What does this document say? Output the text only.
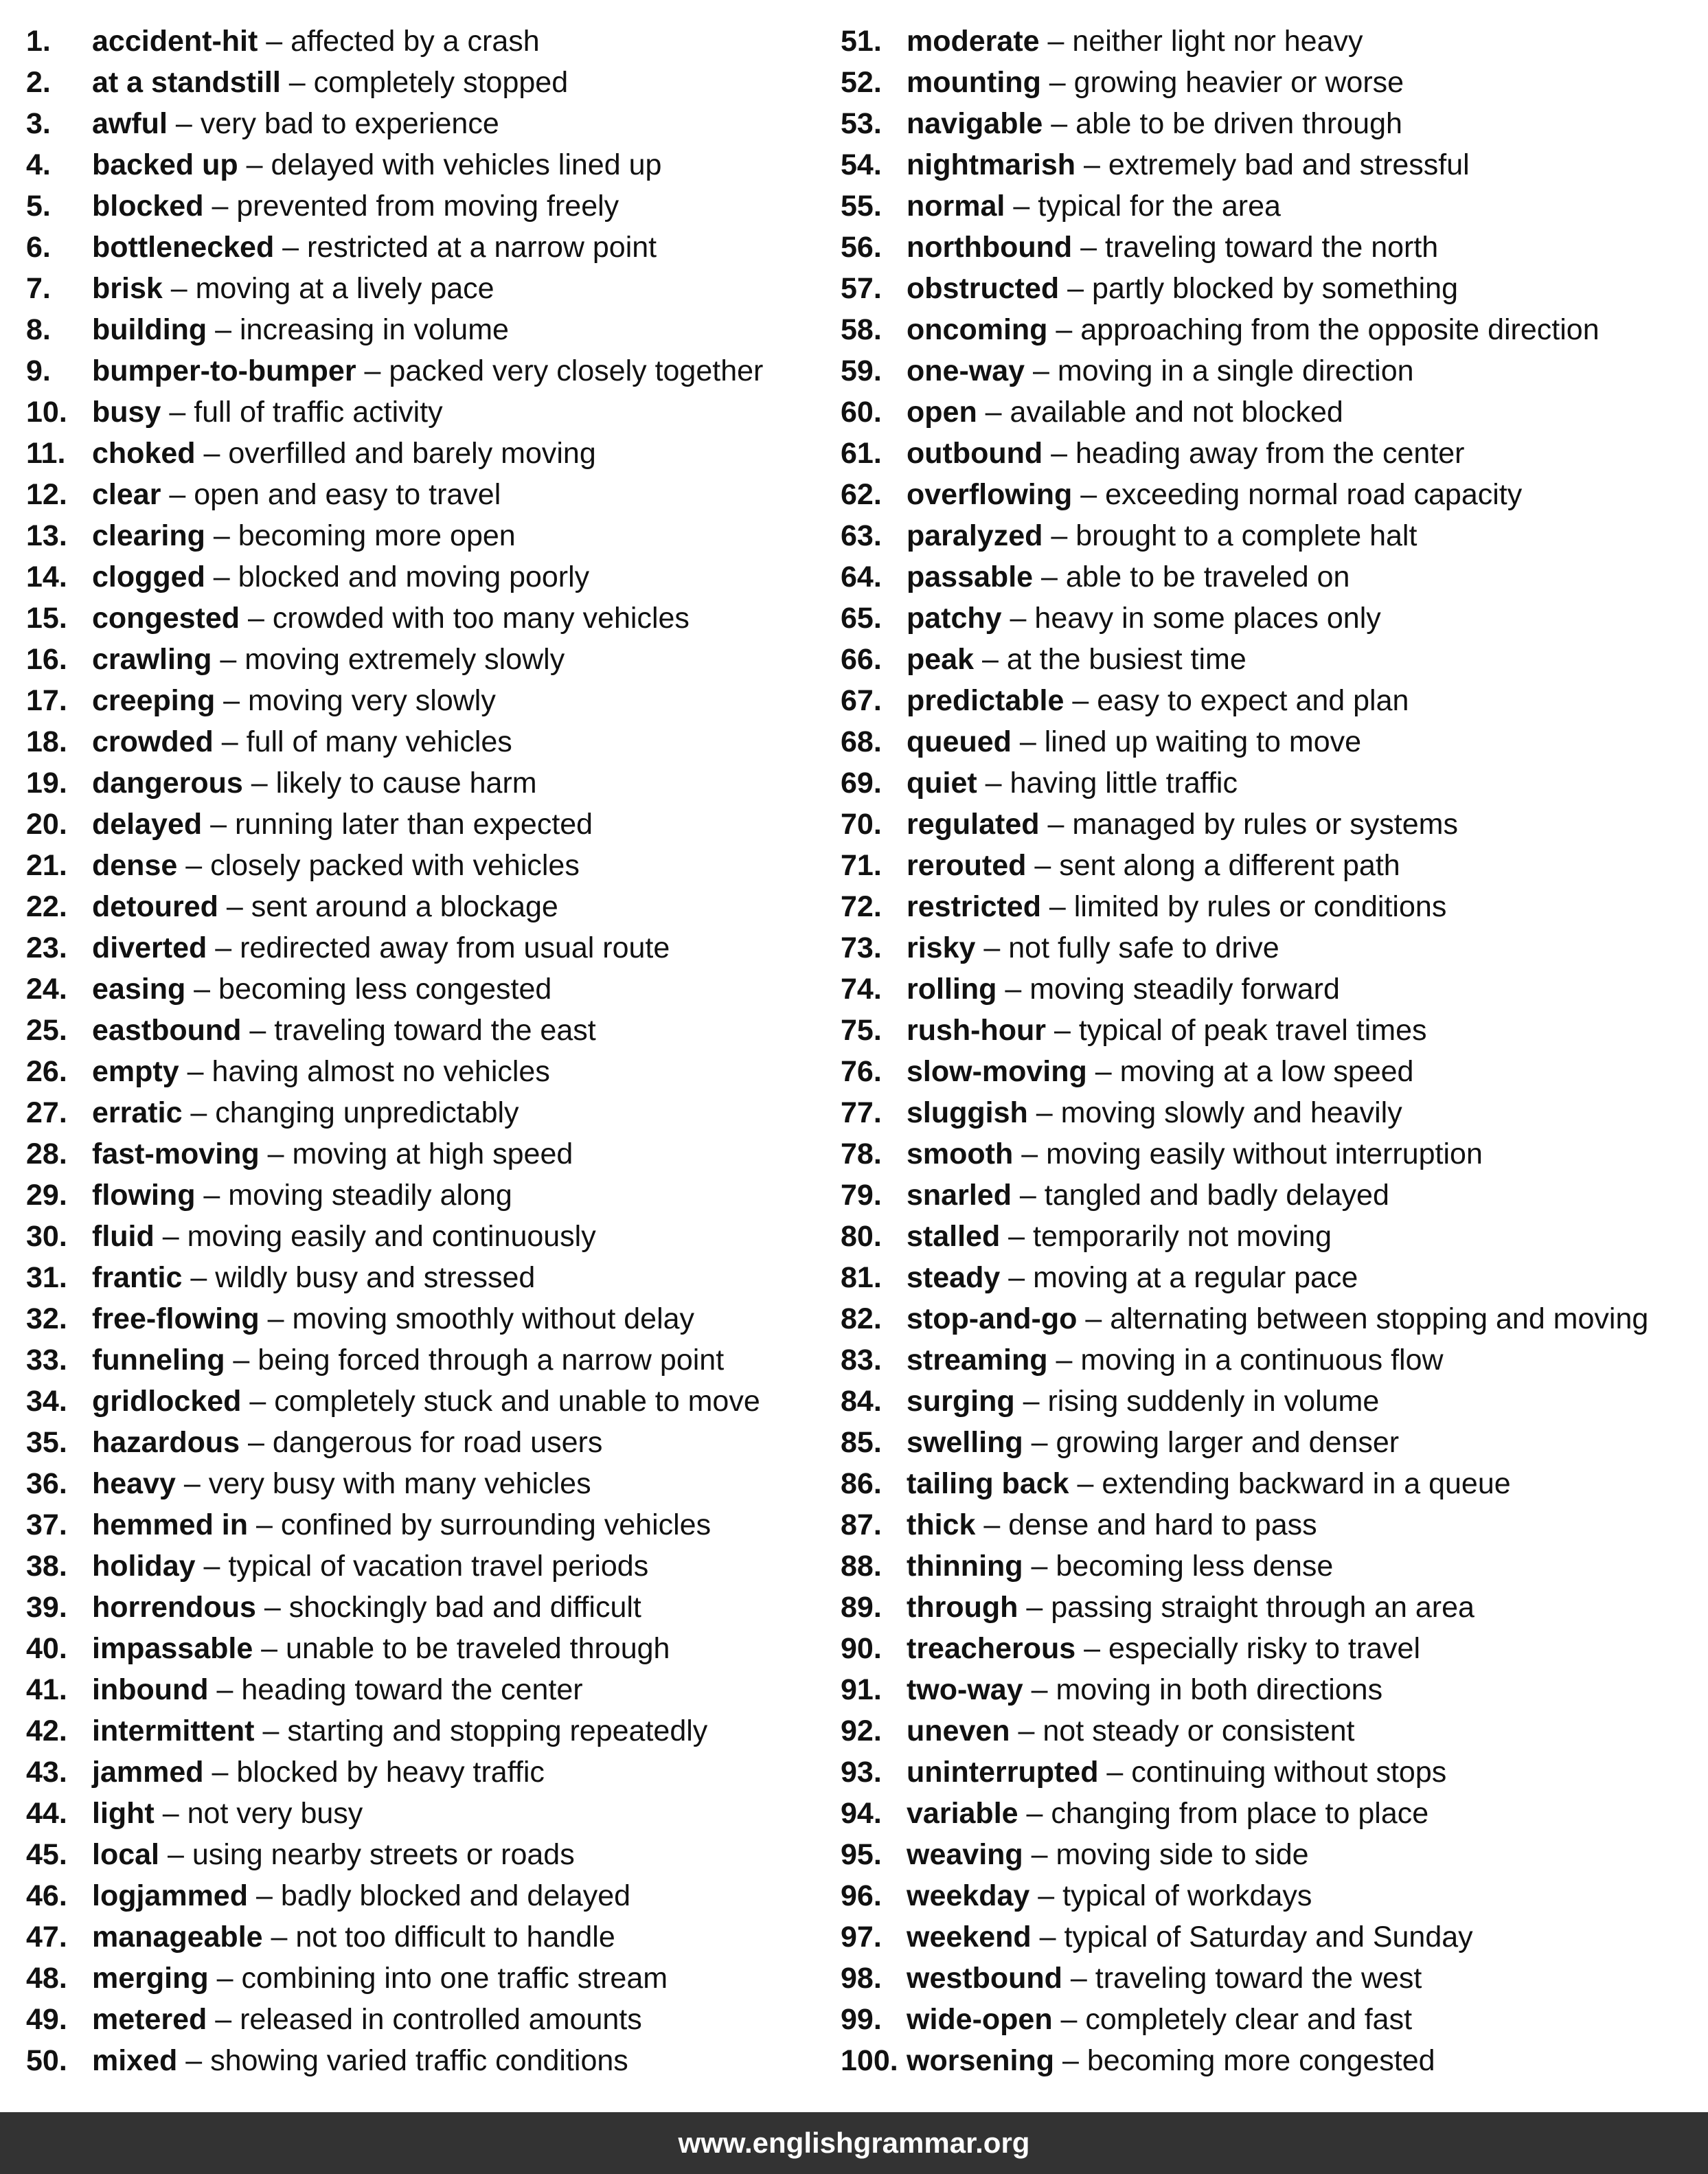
1. accident-hit – affected by a crash
2. at a standstill – completely stopped
3. awful – very bad to experience
4. backed up – delayed with vehicles lined up
5. blocked – prevented from moving freely
6. bottlenecked – restricted at a narrow point
7. brisk – moving at a lively pace
8. building – increasing in volume
9. bumper-to-bumper – packed very closely together
10. busy – full of traffic activity
11. choked – overfilled and barely moving
12. clear – open and easy to travel
13. clearing – becoming more open
14. clogged – blocked and moving poorly
15. congested – crowded with too many vehicles
16. crawling – moving extremely slowly
17. creeping – moving very slowly
18. crowded – full of many vehicles
19. dangerous – likely to cause harm
20. delayed – running later than expected
21. dense – closely packed with vehicles
22. detoured – sent around a blockage
23. diverted – redirected away from usual route
24. easing – becoming less congested
25. eastbound – traveling toward the east
26. empty – having almost no vehicles
27. erratic – changing unpredictably
28. fast-moving – moving at high speed
29. flowing – moving steadily along
30. fluid – moving easily and continuously
31. frantic – wildly busy and stressed
32. free-flowing – moving smoothly without delay
33. funneling – being forced through a narrow point
34. gridlocked – completely stuck and unable to move
35. hazardous – dangerous for road users
36. heavy – very busy with many vehicles
37. hemmed in – confined by surrounding vehicles
38. holiday – typical of vacation travel periods
39. horrendous – shockingly bad and difficult
40. impassable – unable to be traveled through
41. inbound – heading toward the center
42. intermittent – starting and stopping repeatedly
43. jammed – blocked by heavy traffic
44. light – not very busy
45. local – using nearby streets or roads
46. logjammed – badly blocked and delayed
47. manageable – not too difficult to handle
48. merging – combining into one traffic stream
49. metered – released in controlled amounts
50. mixed – showing varied traffic conditions
51. moderate – neither light nor heavy
52. mounting – growing heavier or worse
53. navigable – able to be driven through
54. nightmarish – extremely bad and stressful
55. normal – typical for the area
56. northbound – traveling toward the north
57. obstructed – partly blocked by something
58. oncoming – approaching from the opposite direction
59. one-way – moving in a single direction
60. open – available and not blocked
61. outbound – heading away from the center
62. overflowing – exceeding normal road capacity
63. paralyzed – brought to a complete halt
64. passable – able to be traveled on
65. patchy – heavy in some places only
66. peak – at the busiest time
67. predictable – easy to expect and plan
68. queued – lined up waiting to move
69. quiet – having little traffic
70. regulated – managed by rules or systems
71. rerouted – sent along a different path
72. restricted – limited by rules or conditions
73. risky – not fully safe to drive
74. rolling – moving steadily forward
75. rush-hour – typical of peak travel times
76. slow-moving – moving at a low speed
77. sluggish – moving slowly and heavily
78. smooth – moving easily without interruption
79. snarled – tangled and badly delayed
80. stalled – temporarily not moving
81. steady – moving at a regular pace
82. stop-and-go – alternating between stopping and moving
83. streaming – moving in a continuous flow
84. surging – rising suddenly in volume
85. swelling – growing larger and denser
86. tailing back – extending backward in a queue
87. thick – dense and hard to pass
88. thinning – becoming less dense
89. through – passing straight through an area
90. treacherous – especially risky to travel
91. two-way – moving in both directions
92. uneven – not steady or consistent
93. uninterrupted – continuing without stops
94. variable – changing from place to place
95. weaving – moving side to side
96. weekday – typical of workdays
97. weekend – typical of Saturday and Sunday
98. westbound – traveling toward the west
99. wide-open – completely clear and fast
100. worsening – becoming more congested
www.englishgrammar.org
